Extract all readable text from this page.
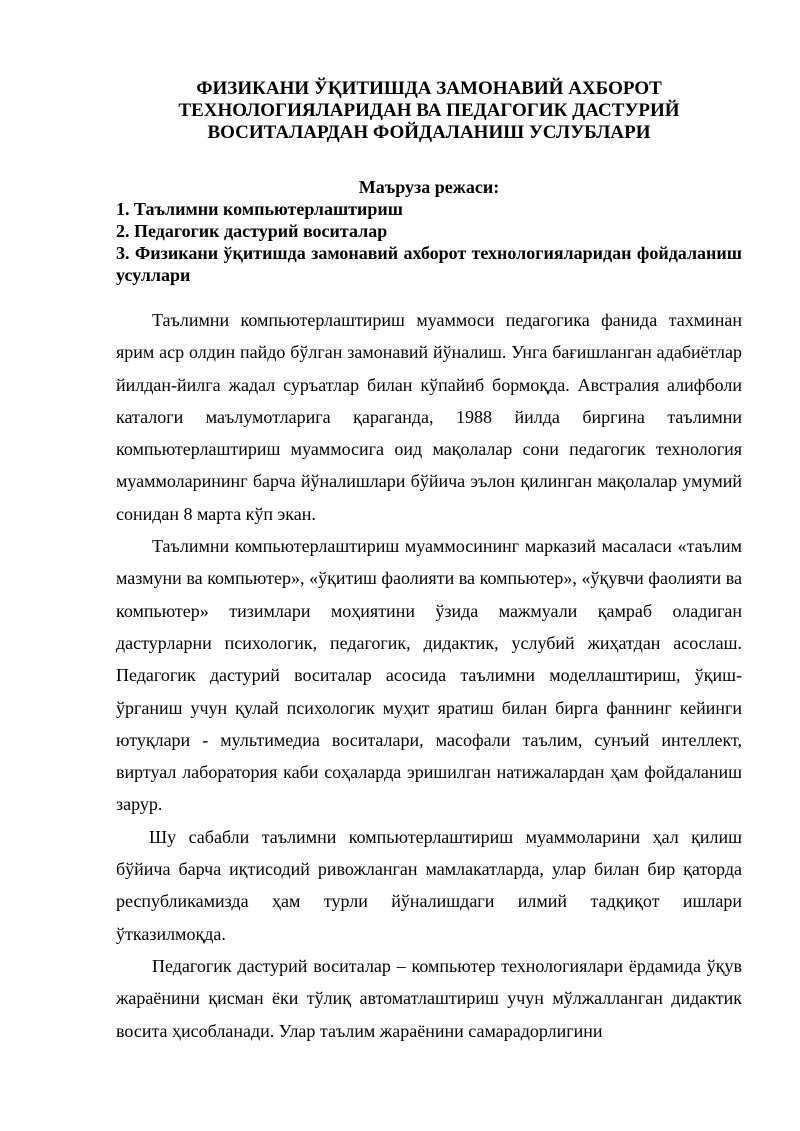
ФИЗИКАНИ ЎҚИТИШДА ЗАМОНАВИЙ АХБОРОТ
ТЕХНОЛОГИЯЛАРИДАН ВА ПЕДАГОГИК ДАСТУРИЙ
ВОСИТАЛАРДАН ФОЙДАЛАНИШ УСЛУБЛАРИ
Маъруза режаси:
1. Таълимни компьютерлаштириш
2. Педагогик дастурий воситалар
3. Физикани ўқитишда замонавий ахборот технологияларидан фойдаланиш усуллари

Таълимни компьютерлаштириш муаммоси педагогика фанида тахминан ярим аср олдин пайдо бўлган замонавий йўналиш. Унга бағишланган адабиётлар йилдан-йилга жадал суръатлар билан кўпайиб бормоқда. Австралия алифболи каталоги маълумотларига қараганда, 1988 йилда биргина таълимни компьютерлаштириш муаммосига оид мақолалар сони педагогик технология муаммоларининг барча йўналишлари бўйича эълон қилинган мақолалар умумий сонидан 8 марта кўп экан.

Таълимни компьютерлаштириш муаммосининг марказий масаласи «таълим мазмуни ва компьютер», «ўқитиш фаолияти ва компьютер», «ўқувчи фаолияти ва компьютер» тизимлари моҳиятини ўзида мажмуали қамраб оладиган дастурларни психологик, педагогик, дидактик, услубий жиҳатдан асослаш. Педагогик дастурий воситалар асосида таълимни моделлаштириш, ўқиш-ўрганиш учун қулай психологик муҳит яратиш билан бирга фаннинг кейинги ютуқлари - мультимедиа воситалари, масофали таълим, сунъий интеллект, виртуал лаборатория каби соҳаларда эришилган натижалардан ҳам фойдаланиш зарур.

Шу сабабли таълимни компьютерлаштириш муаммоларини ҳал қилиш бўйича барча иқтисодий ривожланган мамлакатларда, улар билан бир қаторда республикамизда ҳам турли йўналишдаги илмий тадқиқот ишлари ўтказилмоқда.

Педагогик дастурий воситалар – компьютер технологиялари ёрдамида ўқув жараёнини қисман ёки тўлиқ автоматлаштириш учун мўлжалланган дидактик восита ҳисобланади. Улар таълим жараёнини самарадорлигини
